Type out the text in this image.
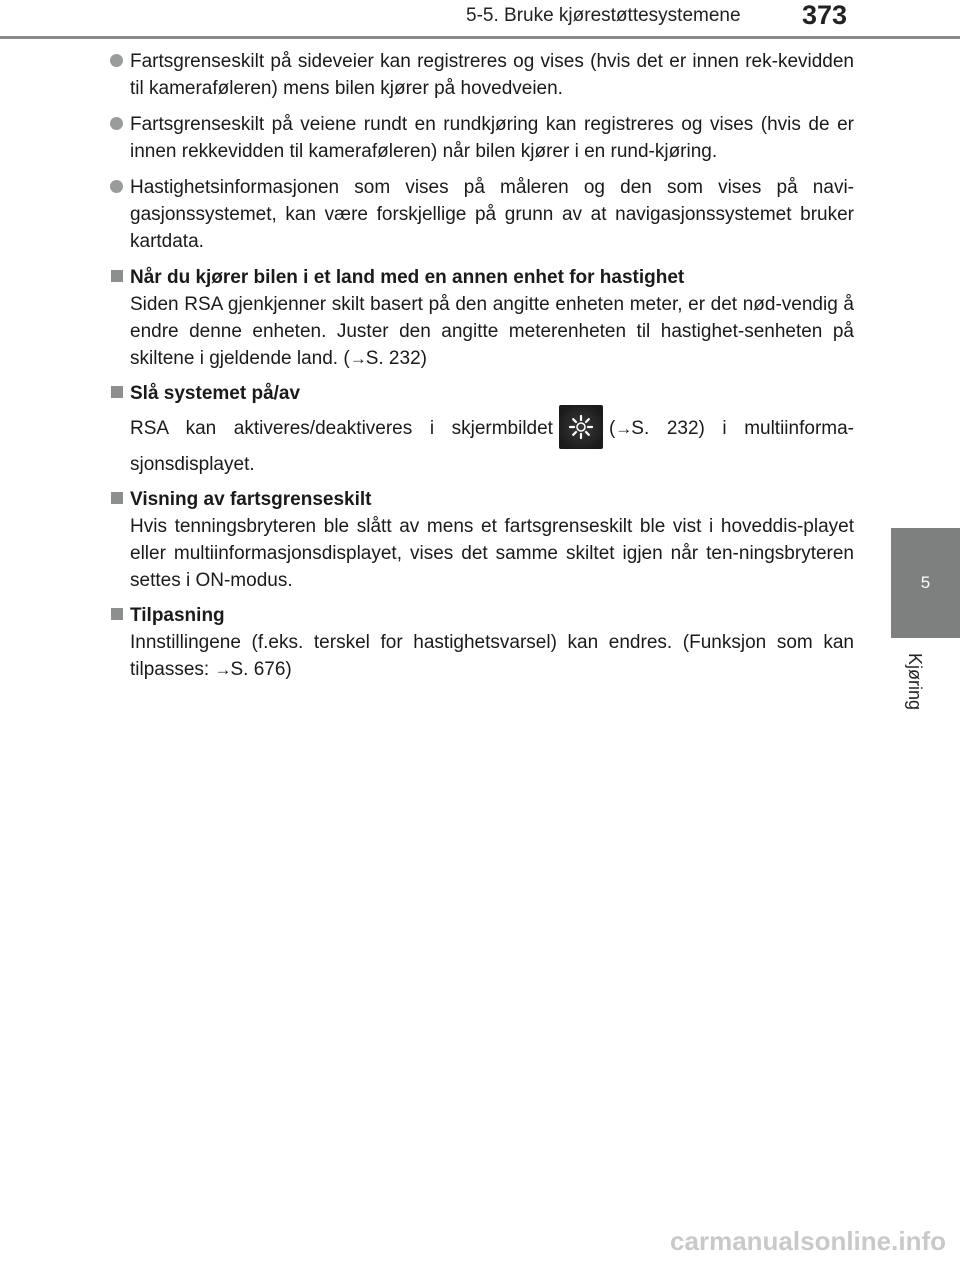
5-5. Bruke kjørestøttesystemene 373
5
Kjøring
Fartsgrenseskilt på sideveier kan registreres og vises (hvis det er innen rek-kevidden til kameraføleren) mens bilen kjører på hovedveien.
Fartsgrenseskilt på veiene rundt en rundkjøring kan registreres og vises (hvis de er innen rekkevidden til kameraføleren) når bilen kjører i en rund-kjøring.
Hastighetsinformasjonen som vises på måleren og den som vises på navi-gasjonssystemet, kan være forskjellige på grunn av at navigasjonssystemet bruker kartdata.
Når du kjører bilen i et land med en annen enhet for hastighet
Siden RSA gjenkjenner skilt basert på den angitte enheten meter, er det nød-vendig å endre denne enheten. Juster den angitte meterenheten til hastighet-senheten på skiltene i gjeldende land. (→S. 232)
Slå systemet på/av
RSA kan aktiveres/deaktiveres i skjermbildet	(→S. 232) i multiinforma-sjonsdisplayet.
Visning av fartsgrenseskilt
Hvis tenningsbryteren ble slått av mens et fartsgrenseskilt ble vist i hoveddis-playet eller multiinformasjonsdisplayet, vises det samme skiltet igjen når ten-ningsbryteren settes i ON-modus.
Tilpasning
Innstillingene (f.eks. terskel for hastighetsvarsel) kan endres. (Funksjon som kan tilpasses: →S. 676)
carmanualsonline.info
